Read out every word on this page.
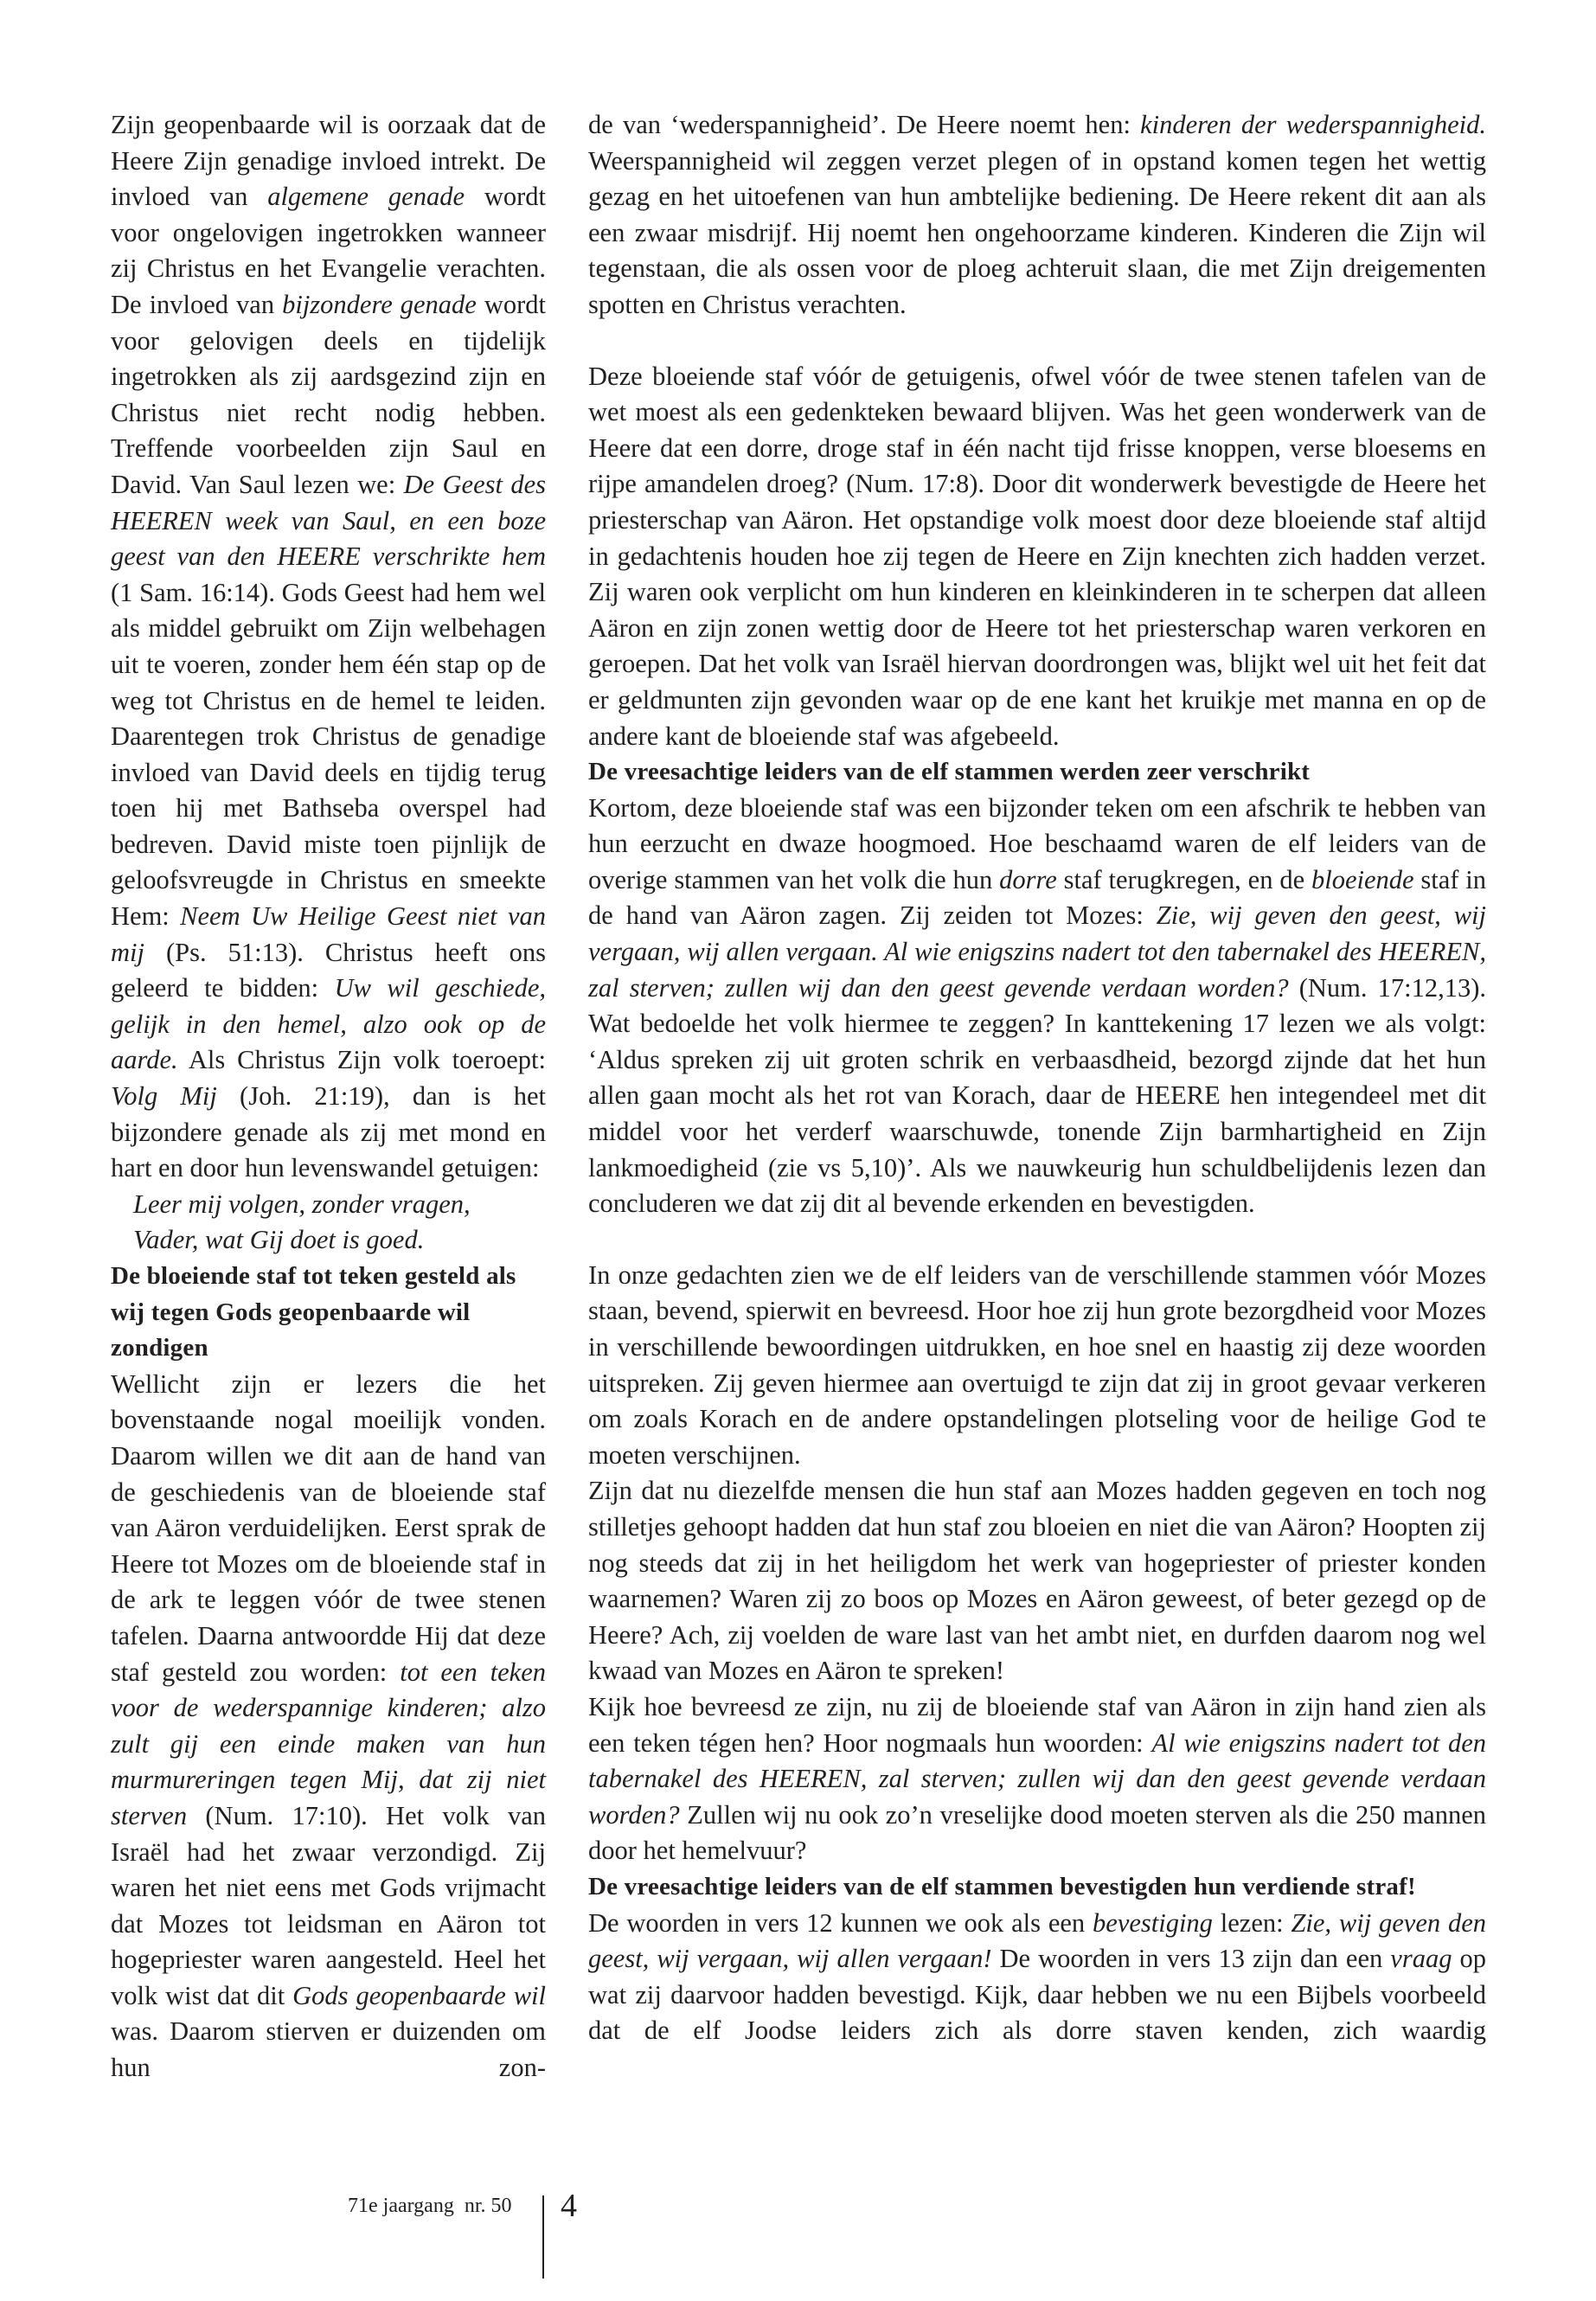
Zijn geopenbaarde wil is oorzaak dat de Heere Zijn genadige invloed intrekt. De invloed van algemene genade wordt voor ongelovigen ingetrokken wanneer zij Christus en het Evangelie verachten. De invloed van bijzondere genade wordt voor gelovigen deels en tijdelijk ingetrokken als zij aardsgezind zijn en Christus niet recht nodig hebben. Treffende voorbeelden zijn Saul en David. Van Saul lezen we: De Geest des HEEREN week van Saul, en een boze geest van den HEERE verschrikte hem (1 Sam. 16:14). Gods Geest had hem wel als middel gebruikt om Zijn welbehagen uit te voeren, zonder hem één stap op de weg tot Christus en de hemel te leiden. Daarentegen trok Christus de genadige invloed van David deels en tijdig terug toen hij met Bathseba overspel had bedreven. David miste toen pijnlijk de geloofsvreugde in Christus en smeekte Hem: Neem Uw Heilige Geest niet van mij (Ps. 51:13). Christus heeft ons geleerd te bidden: Uw wil geschiede, gelijk in den hemel, alzo ook op de aarde. Als Christus Zijn volk toeroept: Volg Mij (Joh. 21:19), dan is het bijzondere genade als zij met mond en hart en door hun levenswandel getuigen:

Leer mij volgen, zonder vragen,

Vader, wat Gij doet is goed.

De bloeiende staf tot teken gesteld als wij tegen Gods geopenbaarde wil zondigen

Wellicht zijn er lezers die het bovenstaande nogal moeilijk vonden. Daarom willen we dit aan de hand van de geschiedenis van de bloeiende staf van Aäron verduidelijken. Eerst sprak de Heere tot Mozes om de bloeiende staf in de ark te leggen vóór de twee stenen tafelen. Daarna antwoordde Hij dat deze staf gesteld zou worden: tot een teken voor de wederspannige kinderen; alzo zult gij een einde maken van hun murmureringen tegen Mij, dat zij niet sterven (Num. 17:10). Het volk van Israël had het zwaar verzondigd. Zij waren het niet eens met Gods vrijmacht dat Mozes tot leidsman en Aäron tot hogepriester waren aangesteld. Heel het volk wist dat dit Gods geopenbaarde wil was. Daarom stierven er duizenden om hun zon-

de van ‘wederspannigheid’. De Heere noemt hen: kinderen der wederspannigheid. Weerspannigheid wil zeggen verzet plegen of in opstand komen tegen het wettig gezag en het uitoefenen van hun ambtelijke bediening. De Heere rekent dit aan als een zwaar misdrijf. Hij noemt hen ongehoorzame kinderen. Kinderen die Zijn wil tegenstaan, die als ossen voor de ploeg achteruit slaan, die met Zijn dreigementen spotten en Christus verachten.

Deze bloeiende staf vóór de getuigenis, ofwel vóór de twee stenen tafelen van de wet moest als een gedenkteken bewaard blijven. Was het geen wonderwerk van de Heere dat een dorre, droge staf in één nacht tijd frisse knoppen, verse bloesems en rijpe amandelen droeg? (Num. 17:8). Door dit wonderwerk bevestigde de Heere het priesterschap van Aäron. Het opstandige volk moest door deze bloeiende staf altijd in gedachtenis houden hoe zij tegen de Heere en Zijn knechten zich hadden verzet. Zij waren ook verplicht om hun kinderen en kleinkinderen in te scherpen dat alleen Aäron en zijn zonen wettig door de Heere tot het priesterschap waren verkoren en geroepen. Dat het volk van Israël hiervan doordrongen was, blijkt wel uit het feit dat er geldmunten zijn gevonden waar op de ene kant het kruikje met manna en op de andere kant de bloeiende staf was afgebeeld.

De vreesachtige leiders van de elf stammen werden zeer verschrikt

Kortom, deze bloeiende staf was een bijzonder teken om een afschrik te hebben van hun eerzucht en dwaze hoogmoed. Hoe beschaamd waren de elf leiders van de overige stammen van het volk die hun dorre staf terugkregen, en de bloeiende staf in de hand van Aäron zagen. Zij zeiden tot Mozes: Zie, wij geven den geest, wij vergaan, wij allen vergaan. Al wie enigszins nadert tot den tabernakel des HEEREN, zal sterven; zullen wij dan den geest gevende verdaan worden? (Num. 17:12,13). Wat bedoelde het volk hiermee te zeggen? In kanttekening 17 lezen we als volgt: ‘Aldus spreken zij uit groten schrik en verbaasdheid, bezorgd zijnde dat het hun allen gaan mocht als het rot van Korach, daar de HEERE hen integendeel met dit middel voor het verderf waarschuwde, tonende Zijn barmhartigheid en Zijn lankmoedigheid (zie vs 5,10)’. Als we nauwkeurig hun schuldbelijdenis lezen dan concluderen we dat zij dit al bevende erkenden en bevestigden.

In onze gedachten zien we de elf leiders van de verschillende stammen vóór Mozes staan, bevend, spierwit en bevreesd. Hoor hoe zij hun grote bezorgdheid voor Mozes in verschillende bewoordingen uitdrukken, en hoe snel en haastig zij deze woorden uitspreken. Zij geven hiermee aan overtuigd te zijn dat zij in groot gevaar verkeren om zoals Korach en de andere opstandelingen plotseling voor de heilige God te moeten verschijnen.

Zijn dat nu diezelfde mensen die hun staf aan Mozes hadden gegeven en toch nog stilletjes gehoopt hadden dat hun staf zou bloeien en niet die van Aäron? Hoopten zij nog steeds dat zij in het heiligdom het werk van hogepriester of priester konden waarnemen? Waren zij zo boos op Mozes en Aäron geweest, of beter gezegd op de Heere? Ach, zij voelden de ware last van het ambt niet, en durfden daarom nog wel kwaad van Mozes en Aäron te spreken!

Kijk hoe bevreesd ze zijn, nu zij de bloeiende staf van Aäron in zijn hand zien als een teken tégen hen? Hoor nogmaals hun woorden: Al wie enigszins nadert tot den tabernakel des HEEREN, zal sterven; zullen wij dan den geest gevende verdaan worden? Zullen wij nu ook zo’n vreselijke dood moeten sterven als die 250 mannen door het hemelvuur?

De vreesachtige leiders van de elf stammen bevestigden hun verdiende straf!

De woorden in vers 12 kunnen we ook als een bevestiging lezen: Zie, wij geven den geest, wij vergaan, wij allen vergaan! De woorden in vers 13 zijn dan een vraag op wat zij daarvoor hadden bevestigd. Kijk, daar hebben we nu een Bijbels voorbeeld dat de elf Joodse leiders zich als dorre staven kenden, zich waardig

71e jaargang  nr. 50 4
